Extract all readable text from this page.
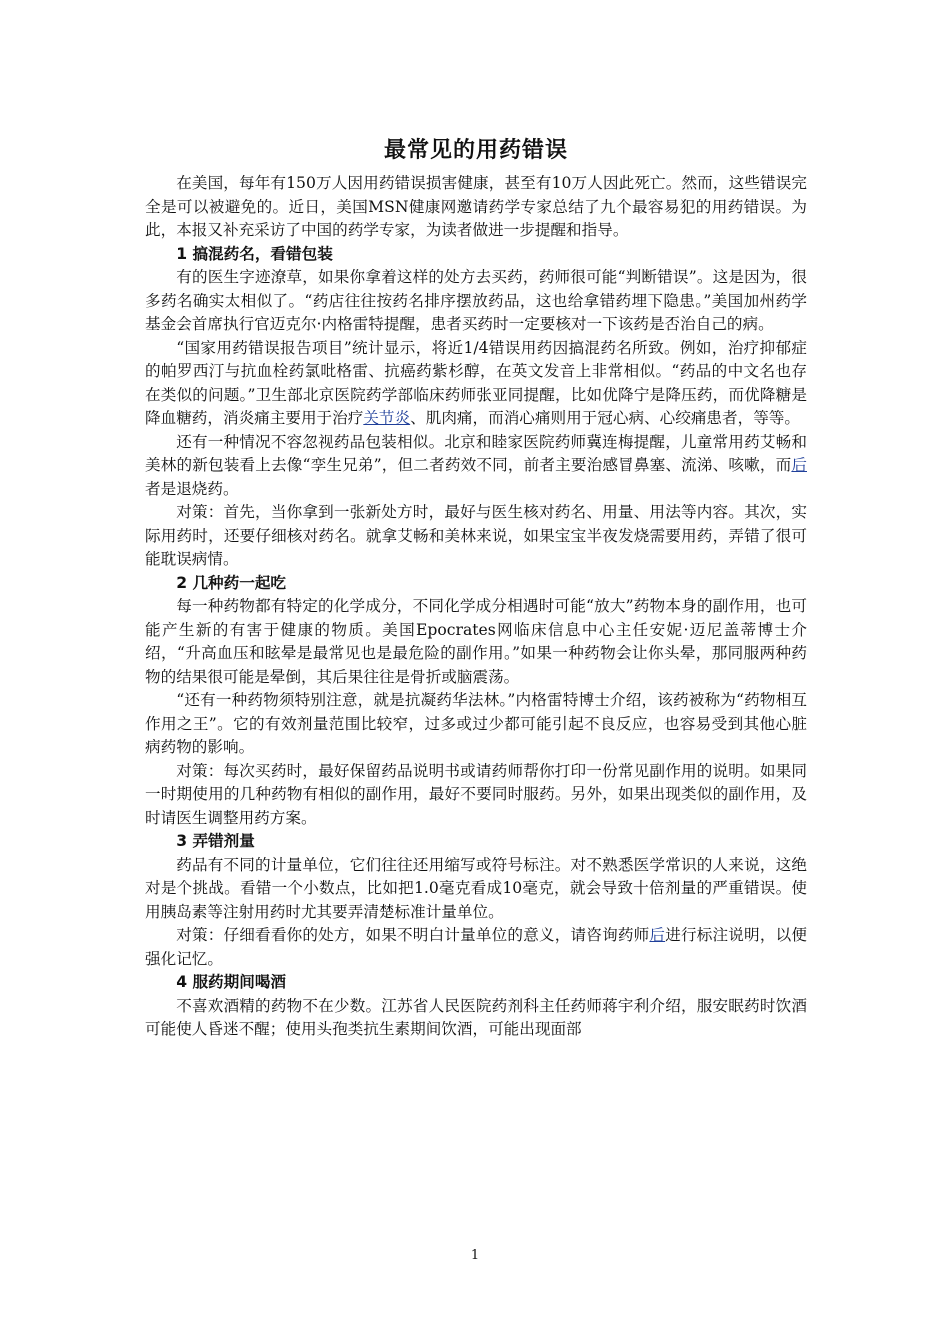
最常见的用药错误

在美国，每年有150万人因用药错误损害健康，甚至有10万人因此死亡。然而，这些错误完全是可以被避免的。近日，美国MSN健康网邀请药学专家总结了九个最容易犯的用药错误。为此，本报又补充采访了中国的药学专家，为读者做进一步提醒和指导。

1 搞混药名，看错包装

有的医生字迹潦草，如果你拿着这样的处方去买药，药师很可能“判断错误”。这是因为，很多药名确实太相似了。“药店往往按药名排序摆放药品，这也给拿错药埋下隐患。”美国加州药学基金会首席执行官迈克尔·内格雷特提醒，患者买药时一定要核对一下该药是否治自己的病。

“国家用药错误报告项目”统计显示，将近1/4错误用药因搞混药名所致。例如，治疗抑郁症的帕罗西汀与抗血栓药氯吡格雷、抗癌药紫杉醇，在英文发音上非常相似。“药品的中文名也存在类似的问题。”卫生部北京医院药学部临床药师张亚同提醒，比如优降宁是降压药，而优降糖是降血糖药，消炎痛主要用于治疗关节炎、肌肉痛，而消心痛则用于冠心病、心绞痛患者，等等。

还有一种情况不容忽视药品包装相似。北京和睦家医院药师冀连梅提醒，儿童常用药艾畅和美林的新包装看上去像“孪生兄弟”，但二者药效不同，前者主要治感冒鼻塞、流涕、咳嗽，而后者是退烧药。

对策：首先，当你拿到一张新处方时，最好与医生核对药名、用量、用法等内容。其次，实际用药时，还要仔细核对药名。就拿艾畅和美林来说，如果宝宝半夜发烧需要用药，弄错了很可能耽误病情。

2 几种药一起吃

每一种药物都有特定的化学成分，不同化学成分相遇时可能“放大”药物本身的副作用，也可能产生新的有害于健康的物质。美国Epocrates网临床信息中心主任安妮·迈尼盖蒂博士介绍，“升高血压和眩晕是最常见也是最危险的副作用。”如果一种药物会让你头晕，那同服两种药物的结果很可能是晕倒，其后果往往是骨折或脑震荡。

“还有一种药物须特别注意，就是抗凝药华法林。”内格雷特博士介绍，该药被称为“药物相互作用之王”。它的有效剂量范围比较窄，过多或过少都可能引起不良反应，也容易受到其他心脏病药物的影响。

对策：每次买药时，最好保留药品说明书或请药师帮你打印一份常见副作用的说明。如果同一时期使用的几种药物有相似的副作用，最好不要同时服药。另外，如果出现类似的副作用，及时请医生调整用药方案。

3 弄错剂量

药品有不同的计量单位，它们往往还用缩写或符号标注。对不熟悉医学常识的人来说，这绝对是个挑战。看错一个小数点，比如把1.0毫克看成10毫克，就会导致十倍剂量的严重错误。使用胰岛素等注射用药时尤其要弄清楚标准计量单位。

对策：仔细看看你的处方，如果不明白计量单位的意义，请咨询药师后进行标注说明，以便强化记忆。

4 服药期间喝酒

不喜欢酒精的药物不在少数。江苏省人民医院药剂科主任药师蒋宇利介绍，服安眠药时饮酒可能使人昏迷不醒；使用头孢类抗生素期间饮酒，可能出现面部

1
